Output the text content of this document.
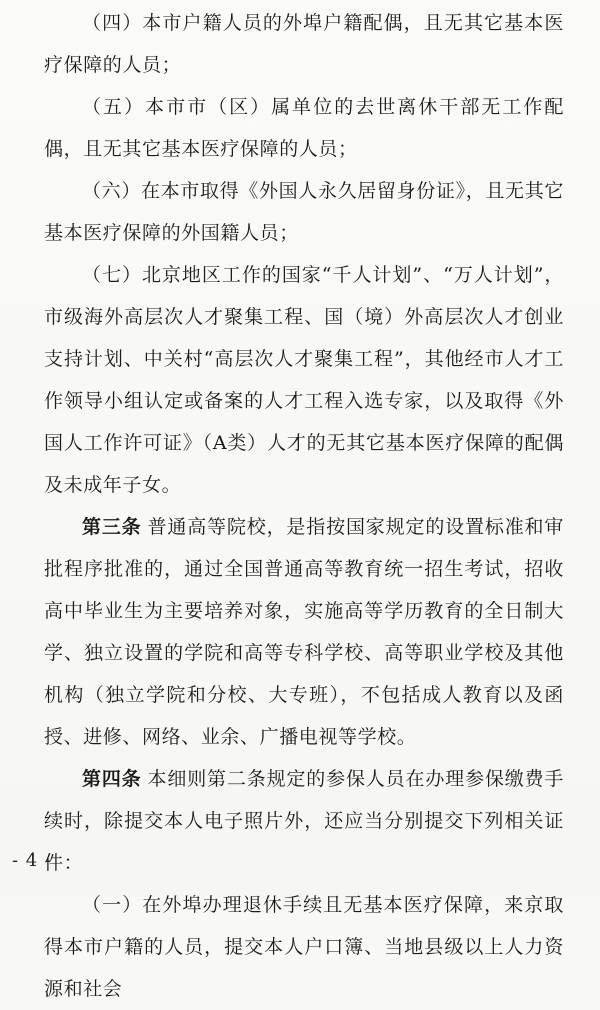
（四）本市户籍人员的外埠户籍配偶，且无其它基本医疗保障的人员；

（五）本市市（区）属单位的去世离休干部无工作配偶，且无其它基本医疗保障的人员；

（六）在本市取得《外国人永久居留身份证》，且无其它基本医疗保障的外国籍人员；

（七）北京地区工作的国家“千人计划”、“万人计划”，市级海外高层次人才聚集工程、国（境）外高层次人才创业支持计划、中关村“高层次人才聚集工程”，其他经市人才工作领导小组认定或备案的人才工程入选专家，以及取得《外国人工作许可证》（A类）人才的无其它基本医疗保障的配偶及未成年子女。

第三条 普通高等院校，是指按国家规定的设置标准和审批程序批准的，通过全国普通高等教育统一招生考试，招收高中毕业生为主要培养对象，实施高等学历教育的全日制大学、独立设置的学院和高等专科学校、高等职业学校及其他机构（独立学院和分校、大专班），不包括成人教育以及函授、进修、网络、业余、广播电视等学校。

第四条 本细则第二条规定的参保人员在办理参保缴费手续时，除提交本人电子照片外，还应当分别提交下列相关证件：

（一）在外埠办理退休手续且无基本医疗保障，来京取得本市户籍的人员，提交本人户口簿、当地县级以上人力资源和社会

- 4 -
